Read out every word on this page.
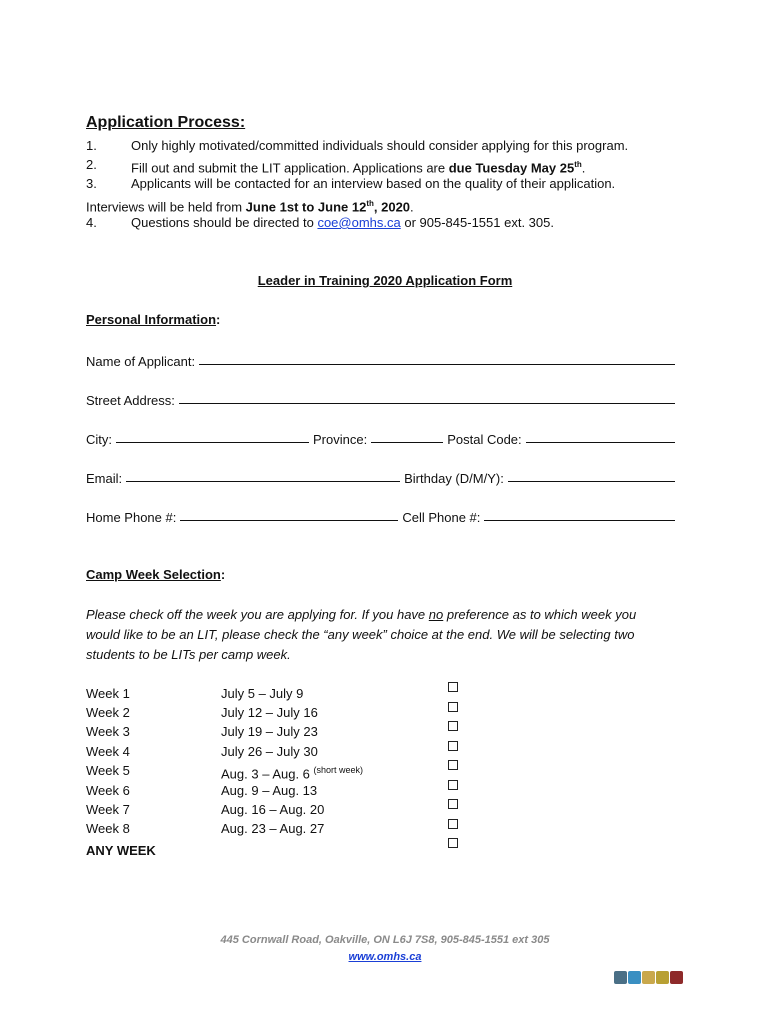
Application Process:
1.	Only highly motivated/committed individuals should consider applying for this program.
2.	Fill out and submit the LIT application. Applications are due Tuesday May 25th.
3.	Applicants will be contacted for an interview based on the quality of their application.
Interviews will be held from June 1st to June 12th, 2020.
4.	Questions should be directed to coe@omhs.ca or 905-845-1551 ext. 305.
Leader in Training 2020 Application Form
Personal Information:
Name of Applicant:
Street Address:
City:	Province:	Postal Code:
Email:	Birthday (D/M/Y):
Home Phone #:	Cell Phone #:
Camp Week Selection:
Please check off the week you are applying for. If you have no preference as to which week you
would like to be an LIT, please check the “any week” choice at the end. We will be selecting two
students to be LITs per camp week.
Week 1	July 5 – July 9
Week 2	July 12 – July 16
Week 3	July 19 – July 23
Week 4	July 26 – July 30
Week 5	Aug. 3 – Aug. 6 $^{(short week)}$
Week 6	Aug. 9 – Aug. 13
Week 7	Aug. 16 – Aug. 20
Week 8	Aug. 23 – Aug. 27
ANY WEEK
445 Cornwall Road, Oakville, ON L6J 7S8, 905-845-1551 ext 305
www.omhs.ca
